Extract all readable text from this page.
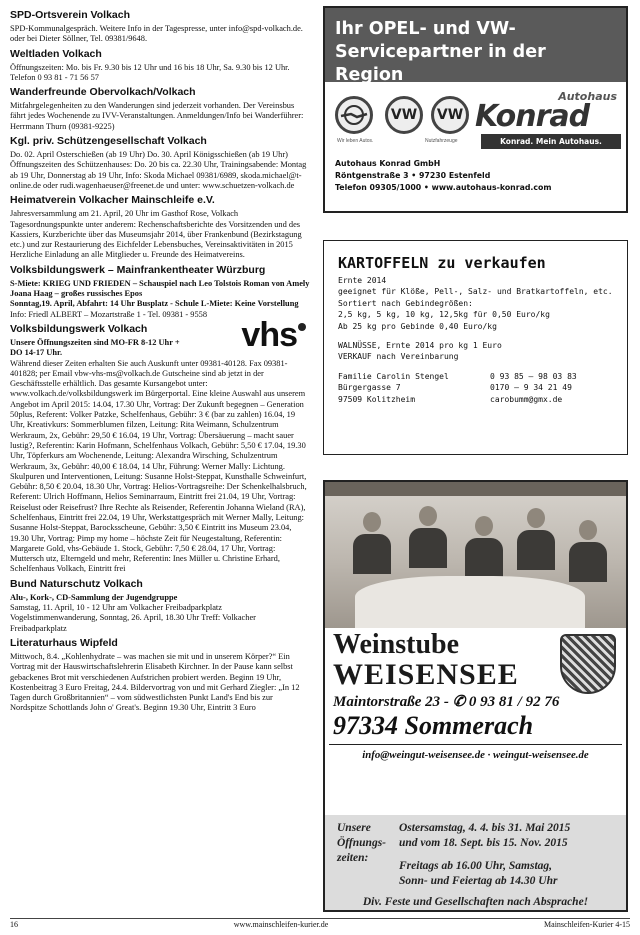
SPD-Ortsverein Volkach

SPD-Kommunalgespräch. Weitere Info in der Tagespresse, unter info@spd-volkach.de. oder bei Dieter Söllner, Tel. 09381/9648.

Weltladen Volkach

Öffnungszeiten: Mo. bis Fr. 9.30 bis 12 Uhr und 16 bis 18 Uhr, Sa. 9.30 bis 12 Uhr. Telefon 0 93 81 - 71 56 57

Wanderfreunde Obervolkach/Volkach

Mitfahrgelegenheiten zu den Wanderungen sind jederzeit vorhanden. Der Vereinsbus fährt jedes Wochenende zu IVV-Veranstaltungen. Anmeldungen/Info bei Wanderführer: Herrmann Thurn (09381-9225)

Kgl. priv. Schützengesellschaft Volkach

Do. 02. April Osterschießen (ab 19 Uhr) Do. 30. April Königsschießen (ab 19 Uhr) Öffnungszeiten des Schützenhauses: Do. 20 bis ca. 22.30 Uhr, Trainingsabende: Montag ab 19 Uhr, Donnerstag ab 19 Uhr, Info: Skoda Michael 09381/6989, skoda.michael@t-online.de oder rudi.wagenhaeuser@freenet.de und unter: www.schuetzen-volkach.de

Heimatverein Volkacher Mainschleife e.V.

Jahresversammlung am 21. April, 20 Uhr im Gasthof Rose, Volkach Tagesordnungspunkte unter anderem: Rechenschaftsberichte des Vorsitzenden und des Kassiers, Kurzberichte über das Museumsjahr 2014, über Frankenbund (Bezirkstagung etc.) und zur Restaurierung des Eichfelder Lebensbuches, Vereinsaktivitäten in 2015 Herzliche Einladung an alle Mitglieder u. Freunde des Heimatvereins.

Volksbildungswerk – Mainfrankentheater Würzburg

S-Miete: KRIEG UND FRIEDEN – Schauspiel nach Leo Tolstois Roman von Amely Joana Haag – großes russisches Epos

Sonntag,19. April, Abfahrt: 14 Uhr Busplatz - Schule L-Miete: Keine Vorstellung

Info: Friedl ALBERT – Mozartstraße 1 - Tel. 09381 - 9558

Volksbildungswerk Volkach

Unsere Öffnungszeiten sind MO-FR 8-12 Uhr + DO 14-17 Uhr.	vhs

Während dieser Zeiten erhalten Sie auch Auskunft unter 09381-40128. Fax 09381-401828; per Email vbw-vhs-ms@volkach.de Gutscheine sind ab jetzt in der Geschäftsstelle erhältlich. Das gesamte Kursangebot unter: www.volkach.de/volksbildungswerk im Bürgerportal. Eine kleine Auswahl aus unserem Angebot im April 2015: 14.04, 17.30 Uhr, Vortrag: Der Zukunft begegnen – Generation 50plus, Referent: Volker Patzke, Schelfenhaus, Gebühr: 3 € (bar zu zahlen) 16.04, 19 Uhr, Kreativkurs: Sommerblumen filzen, Leitung: Rita Weimann, Schulzentrum Werkraum, 2x, Gebühr: 29,50 € 16.04, 19 Uhr, Vortrag: Übersäuerung – macht sauer lustig?, Referentin: Karin Hofmann, Schelfenhaus Volkach, Gebühr: 5,50 € 17.04, 19.30 Uhr, Töpferkurs am Wochenende, Leitung: Alexandra Wirsching, Schulzentrum Werkraum, 3x, Gebühr: 40,00 € 18.04, 14 Uhr, Führung: Werner Mally: Lichtung. Skulpuren und Interventionen, Leitung: Susanne Holst-Steppat, Kunsthalle Schweinfurt, Gebühr: 8,50 € 20.04, 18.30 Uhr, Vortrag: Helios-Vortragsreihe: Der Schenkelhalsbruch, Referent: Ulrich Hoffmann, Helios Seminarraum, Eintritt frei 21.04, 19 Uhr, Vortrag: Reiselust oder Reisefrust? Ihre Rechte als Reisender, Referentin Johanna Wieland (RA), Schelfenhaus, Eintritt frei 22.04, 19 Uhr, Werkstattgespräch mit Werner Mally, Leitung: Susanne Holst-Steppat, Barocksscheune, Gebühr: 3,50 € Eintritt ins Museum 23.04, 19.30 Uhr, Vortrag: Pimp my home – höchste Zeit für Neugestaltung, Referentin: Margarete Gold, vhs-Gebäude 1. Stock, Gebühr: 7,50 € 28.04, 17 Uhr, Vortrag: Muttersch utz, Elterngeld und mehr, Referentin: Ines Müller u. Christine Erhard, Schelfenhaus Volkach, Eintritt frei

Bund Naturschutz Volkach

Alu-, Kork-, CD-Sammlung der Jugendgruppe

Samstag, 11. April, 10 - 12 Uhr am Volkacher Freibadparkplatz Vogelstimmenwanderung, Sonntag, 26. April, 18.30 Uhr Treff: Volkacher Freibadparkplatz

Literaturhaus Wipfeld

Mittwoch, 8.4. „Kohlenhydrate – was machen sie mit und in unserem Körper?“ Ein Vortrag mit der Hauswirtschaftslehrerin Elisabeth Kirchner. In der Pause kann selbst gebackenes Brot mit verschiedenen Aufstrichen probiert werden. Beginn 19 Uhr, Kostenbeitrag 3 Euro Freitag, 24.4. Bildervortrag von und mit Gerhard Ziegler: „In 12 Tagen durch Großbritannien“ – vom südwestlichsten Punkt Land's End bis zur Nordspitze Schottlands John o' Great's. Beginn 19.30 Uhr, Eintritt 3 Euro

Ihr OPEL- und VW- Servicepartner in der Region
Wir leben Autos.
VW	VW
Nutzfahrzeuge
Autohaus
Konrad
Konrad. Mein Autohaus.
Autohaus Konrad GmbH
Röntgenstraße 3 • 97230 Estenfeld
Telefon 09305/1000 • www.autohaus-konrad.com
KARTOFFELN zu verkaufen
Ernte 2014
geeignet für Klöße, Pell-, Salz- und Bratkartoffeln, etc.
Sortiert nach Gebindegrößen:
2,5 kg, 5 kg, 10 kg, 12,5kg für 0,50 Euro/kg
Ab 25 kg pro Gebinde 0,40 Euro/kg
WALNÜSSE, Ernte 2014 pro kg 1 Euro
VERKAUF nach Vereinbarung
Familie Carolin Stengel	0 93 85 – 98 03 83
Bürgergasse 7	0170 – 9 34 21 49
97509 Kolitzheim	carobumm@gmx.de
Weinstube
WEISENSEE
Maintorstraße 23 - ✆ 0 93 81 / 92 76
97334 Sommerach
info@weingut-weisensee.de · weingut-weisensee.de
Unsere
Öffnungs-
zeiten:
Ostersamstag, 4. 4. bis 31. Mai 2015
und vom 18. Sept. bis 15. Nov. 2015
Freitags ab 16.00 Uhr, Samstag,
Sonn- und Feiertag ab 14.30 Uhr
Div. Feste und Gesellschaften nach Absprache!
16	www.mainschleifen-kurier.de	Mainschleifen-Kurier 4-15
